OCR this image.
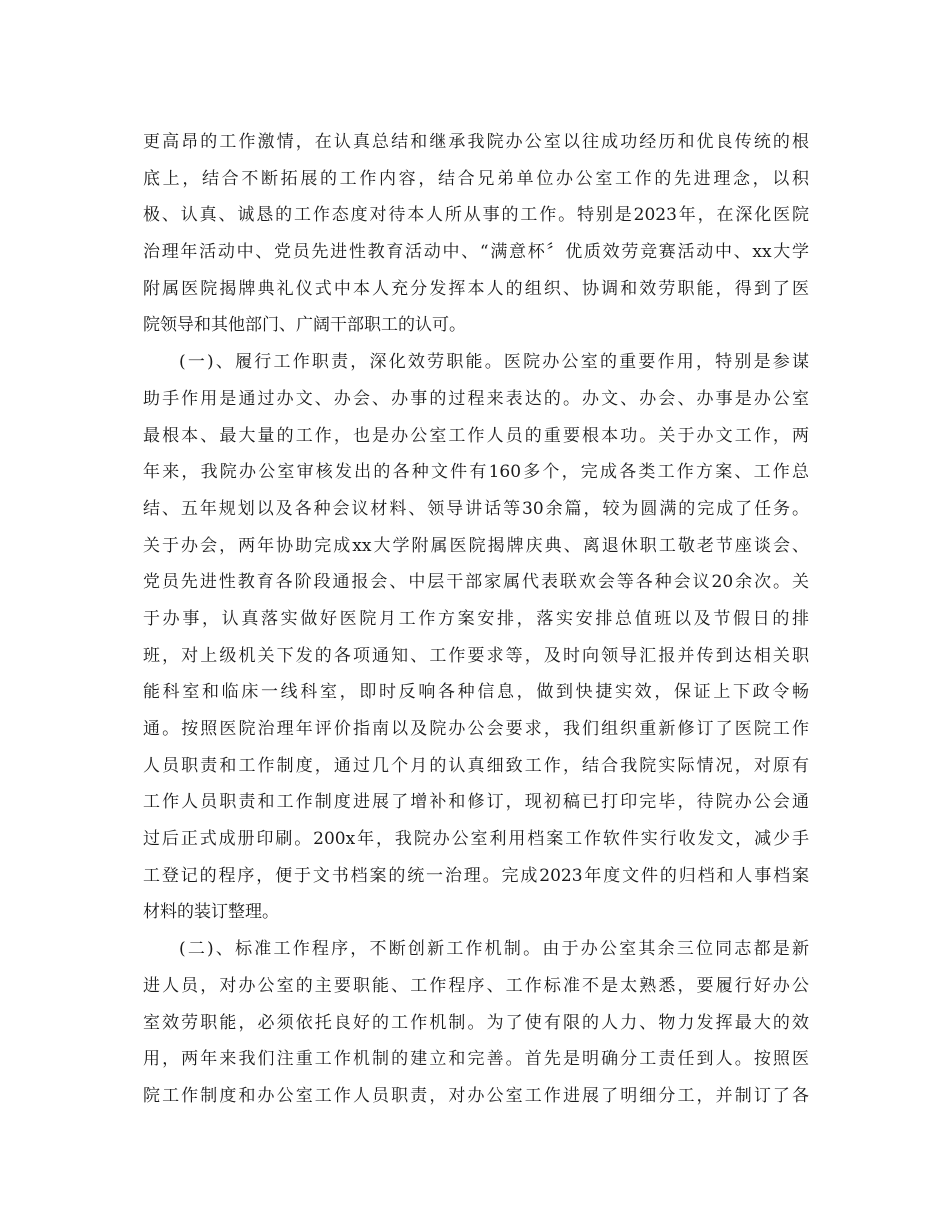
更高昂的工作激情，在认真总结和继承我院办公室以往成功经历和优良传统的根
底上，结合不断拓展的工作内容，结合兄弟单位办公室工作的先进理念，以积
极、认真、诚恳的工作态度对待本人所从事的工作。特别是2023年，在深化医院
治理年活动中、党员先进性教育活动中、“满意杯〞优质效劳竞赛活动中、xx大学
附属医院揭牌典礼仪式中本人充分发挥本人的组织、协调和效劳职能，得到了医
院领导和其他部门、广阔干部职工的认可。
(一)、履行工作职责，深化效劳职能。医院办公室的重要作用，特别是参谋
助手作用是通过办文、办会、办事的过程来表达的。办文、办会、办事是办公室
最根本、最大量的工作，也是办公室工作人员的重要根本功。关于办文工作，两
年来，我院办公室审核发出的各种文件有160多个，完成各类工作方案、工作总
结、五年规划以及各种会议材料、领导讲话等30余篇，较为圆满的完成了任务。
关于办会，两年协助完成xx大学附属医院揭牌庆典、离退休职工敬老节座谈会、
党员先进性教育各阶段通报会、中层干部家属代表联欢会等各种会议20余次。关
于办事，认真落实做好医院月工作方案安排，落实安排总值班以及节假日的排
班，对上级机关下发的各项通知、工作要求等，及时向领导汇报并传到达相关职
能科室和临床一线科室，即时反响各种信息，做到快捷实效，保证上下政令畅
通。按照医院治理年评价指南以及院办公会要求，我们组织重新修订了医院工作
人员职责和工作制度，通过几个月的认真细致工作，结合我院实际情况，对原有
工作人员职责和工作制度进展了增补和修订，现初稿已打印完毕，待院办公会通
过后正式成册印刷。200x年，我院办公室利用档案工作软件实行收发文，减少手
工登记的程序，便于文书档案的统一治理。完成2023年度文件的归档和人事档案
材料的装订整理。
(二)、标准工作程序，不断创新工作机制。由于办公室其余三位同志都是新
进人员，对办公室的主要职能、工作程序、工作标准不是太熟悉，要履行好办公
室效劳职能，必须依托良好的工作机制。为了使有限的人力、物力发挥最大的效
用，两年来我们注重工作机制的建立和完善。首先是明确分工责任到人。按照医
院工作制度和办公室工作人员职责，对办公室工作进展了明细分工，并制订了各
